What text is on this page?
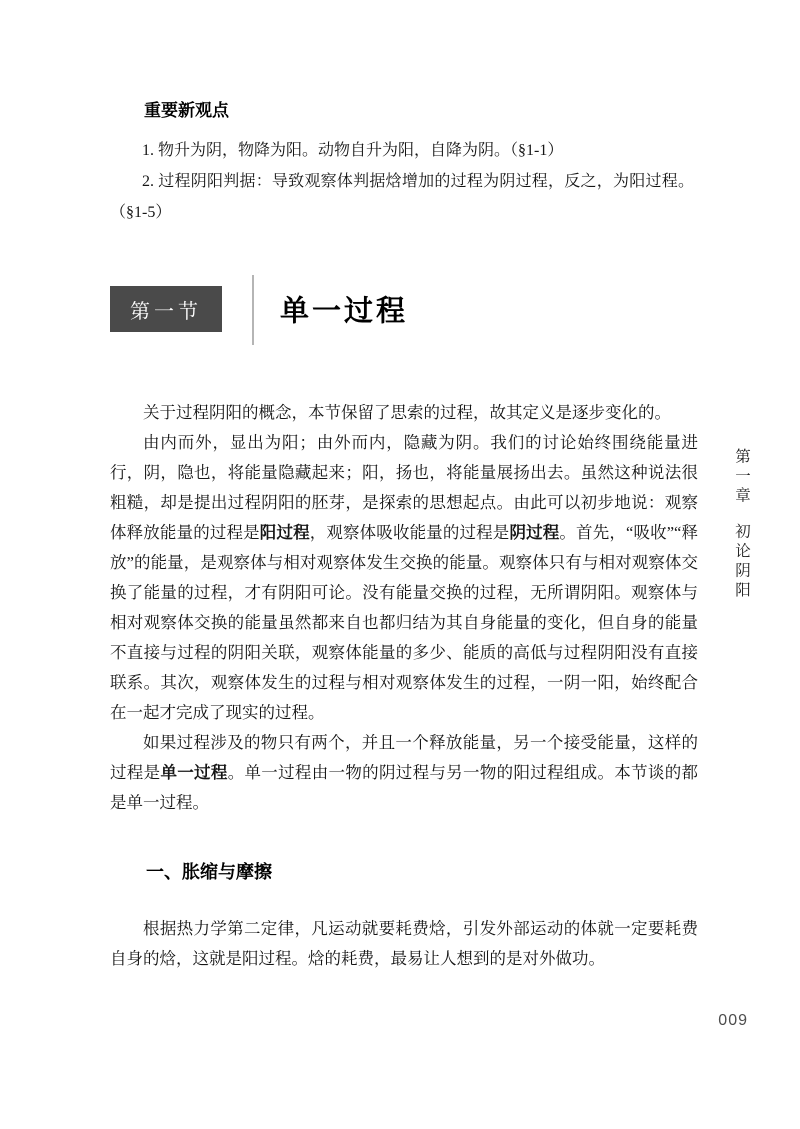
重要新观点

1. 物升为阴，物降为阳。动物自升为阳，自降为阴。（§1-1）

2. 过程阴阳判据：导致观察体判据焓增加的过程为阴过程，反之，为阳过程。（§1-5）

第一节	单一过程

关于过程阴阳的概念，本节保留了思索的过程，故其定义是逐步变化的。

由内而外，显出为阳；由外而内，隐藏为阴。我们的讨论始终围绕能量进行，阴，隐也，将能量隐藏起来；阳，扬也，将能量展扬出去。虽然这种说法很粗糙，却是提出过程阴阳的胚芽，是探索的思想起点。由此可以初步地说：观察体释放能量的过程是阳过程，观察体吸收能量的过程是阴过程。首先，“吸收”“释放”的能量，是观察体与相对观察体发生交换的能量。观察体只有与相对观察体交换了能量的过程，才有阴阳可论。没有能量交换的过程，无所谓阴阳。观察体与相对观察体交换的能量虽然都来自也都归结为其自身能量的变化，但自身的能量不直接与过程的阴阳关联，观察体能量的多少、能质的高低与过程阴阳没有直接联系。其次，观察体发生的过程与相对观察体发生的过程，一阴一阳，始终配合在一起才完成了现实的过程。

如果过程涉及的物只有两个，并且一个释放能量，另一个接受能量，这样的过程是单一过程。单一过程由一物的阴过程与另一物的阳过程组成。本节谈的都是单一过程。

一、胀缩与摩擦

根据热力学第二定律，凡运动就要耗费焓，引发外部运动的体就一定要耗费自身的焓，这就是阳过程。焓的耗费，最易让人想到的是对外做功。

第一章初论阴阳
009
